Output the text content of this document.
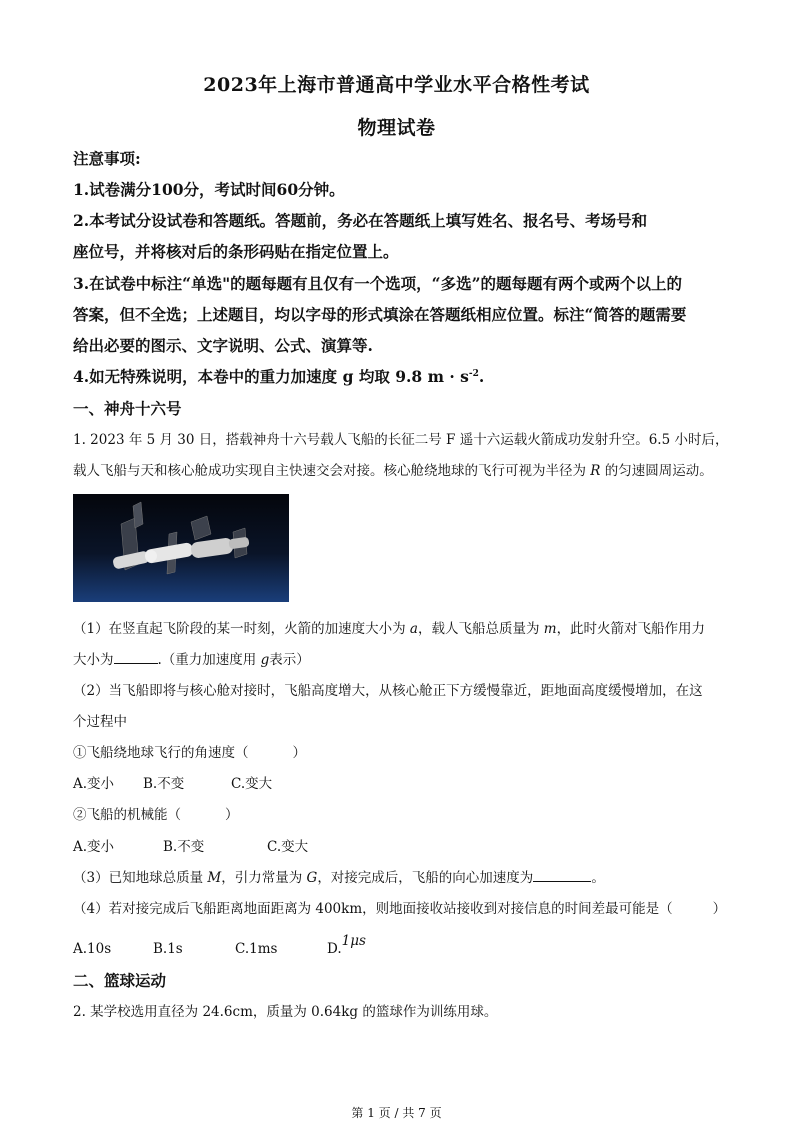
2023年上海市普通高中学业水平合格性考试
物理试卷
注意事项:
1.试卷满分100分，考试时间60分钟。
2.本考试分设试卷和答题纸。答题前，务必在答题纸上填写姓名、报名号、考场号和
座位号，并将核对后的条形码贴在指定位置上。
3.在试卷中标注“单选"的题每题有且仅有一个选项，“多选”的题每题有两个或两个以上的
答案，但不全选；上述题目，均以字母的形式填涂在答题纸相应位置。标注“简答的题需要
给出必要的图示、文字说明、公式、演算等.
4.如无特殊说明，本卷中的重力加速度 g 均取 9.8 $m \cdot s^{-2}$.
一、神舟十六号
1. 2023 年 5 月 30 日，搭载神舟十六号载人飞船的长征二号 F 遥十六运载火箭成功发射升空。6.5 小时后，
载人飞船与天和核心舱成功实现自主快速交会对接。核心舱绕地球的飞行可视为半径为 R 的匀速圆周运动。
（1）在竖直起飞阶段的某一时刻，火箭的加速度大小为 a，载人飞船总质量为 m，此时火箭对飞船作用力
大小为	.（重力加速度用 g表示）
（2）当飞船即将与核心舱对接时，飞船高度增大，从核心舱正下方缓慢靠近，距地面高度缓慢增加，在这
个过程中
①飞船绕地球飞行的角速度（	）
A.变小 B.不变	C.变大
②飞船的机械能（	）
A.变小	B.不变	C.变大
（3）已知地球总质量 M，引力常量为 G，对接完成后，飞船的向心加速度为	。
（4）若对接完成后飞船距离地面距离为 400km，则地面接收站接收到对接信息的时间差最可能是（	）
A.10s	B.1s	C.1ms	D.1μs
二、篮球运动
2. 某学校选用直径为 24.6cm，质量为 0.64kg 的篮球作为训练用球。
第 1 页 / 共 7 页
